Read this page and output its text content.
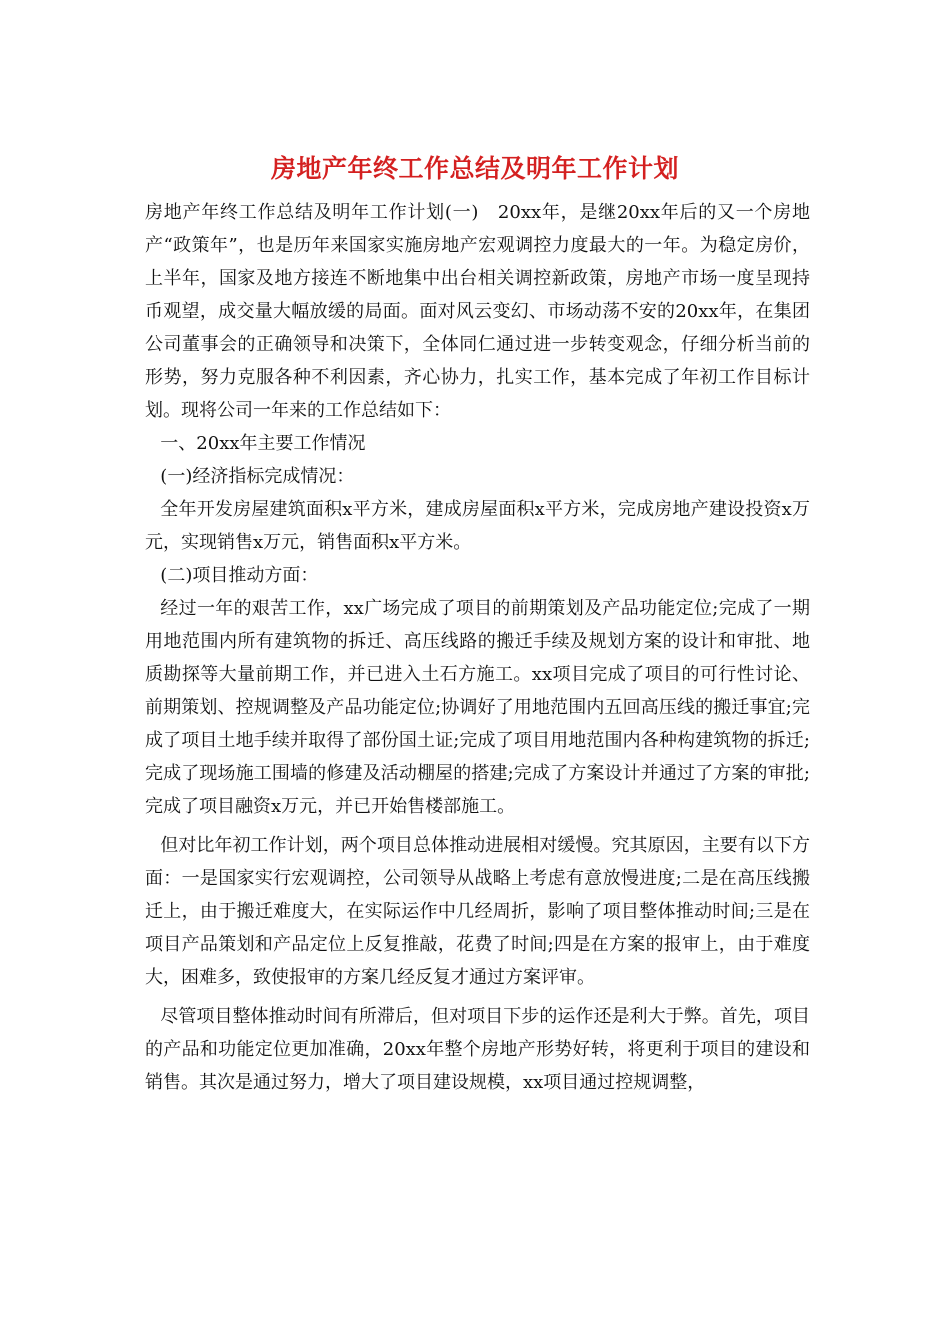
房地产年终工作总结及明年工作计划

房地产年终工作总结及明年工作计划(一)　20xx年，是继20xx年后的又一个房地产“政策年”，也是历年来国家实施房地产宏观调控力度最大的一年。为稳定房价，上半年，国家及地方接连不断地集中出台相关调控新政策，房地产市场一度呈现持币观望，成交量大幅放缓的局面。面对风云变幻、市场动荡不安的20xx年，在集团公司董事会的正确领导和决策下，全体同仁通过进一步转变观念，仔细分析当前的形势，努力克服各种不利因素，齐心协力，扎实工作，基本完成了年初工作目标计划。现将公司一年来的工作总结如下：

一、20xx年主要工作情况

(一)经济指标完成情况：

全年开发房屋建筑面积x平方米，建成房屋面积x平方米，完成房地产建设投资x万元，实现销售x万元，销售面积x平方米。

(二)项目推动方面：

经过一年的艰苦工作，xx广场完成了项目的前期策划及产品功能定位;完成了一期用地范围内所有建筑物的拆迁、高压线路的搬迁手续及规划方案的设计和审批、地质勘探等大量前期工作，并已进入土石方施工。xx项目完成了项目的可行性讨论、前期策划、控规调整及产品功能定位;协调好了用地范围内五回高压线的搬迁事宜;完成了项目土地手续并取得了部份国土证;完成了项目用地范围内各种构建筑物的拆迁;完成了现场施工围墙的修建及活动棚屋的搭建;完成了方案设计并通过了方案的审批;完成了项目融资x万元，并已开始售楼部施工。

但对比年初工作计划，两个项目总体推动进展相对缓慢。究其原因，主要有以下方面：一是国家实行宏观调控，公司领导从战略上考虑有意放慢进度;二是在高压线搬迁上，由于搬迁难度大，在实际运作中几经周折，影响了项目整体推动时间;三是在项目产品策划和产品定位上反复推敲，花费了时间;四是在方案的报审上，由于难度大，困难多，致使报审的方案几经反复才通过方案评审。

尽管项目整体推动时间有所滞后，但对项目下步的运作还是利大于弊。首先，项目的产品和功能定位更加准确，20xx年整个房地产形势好转，将更利于项目的建设和销售。其次是通过努力，增大了项目建设规模，xx项目通过控规调整，
